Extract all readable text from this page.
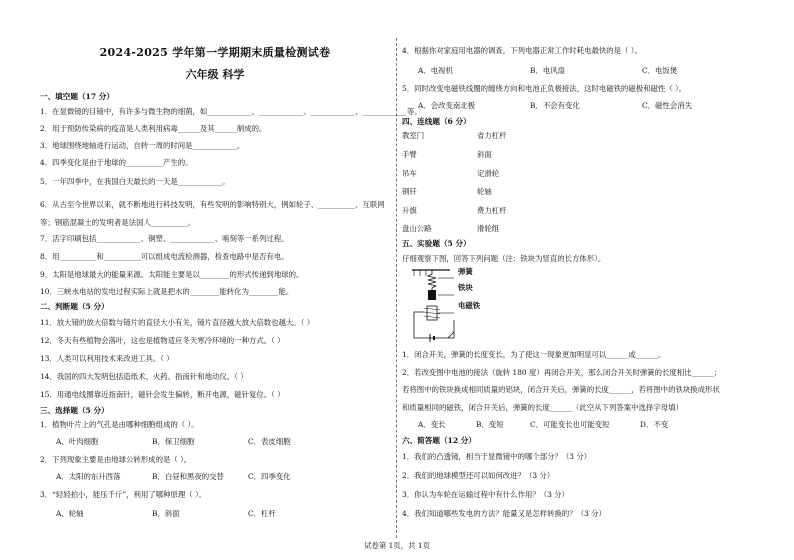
2024-2025 学年第一学期期末质量检测试卷
六年级 科学
一、填空题（17 分）
1．在显微镜的目镜中，有许多与微生物的细菌，如____________、____________、____________、____________等。
2．用于预防传染病的疫苗是人类利用病毒______及其______制成的。
3．地球围绕地轴进行运动，自转一周的时间是____________。
4．四季变化是由于地球的__________产生的。
5．一年四季中，在我国白天最长的一天是____________。
6．从古至今世界以来，就不断地进行科技发明，有些发明的影响特别大，例如轮子、__________、互联网等；钢筋混凝土的发明者是法国人__________。
7．活字印刷包括____________、铜塑、____________、啮刻等一系列过程。
8．用__________和__________可以组成电流检测器，检查电路中是否有电。
9．太阳是地球最大的能量来源。太阳能主要是以________的形式传递到地球的。
10．三峡水电站的发电过程实际上就是把水的________能转化为________能。
二、判断题（5 分）
11．放大镜的放大倍数与镜片的直径大小有关，镜片直径越大放大倍数也越大。（ ）
12．冬天有些植物会落叶，这也是植物适应冬天寒冷环境的一种方式。（ ）
13．人类可以利用技术来改进工具。（ ）
14．我国的四大发明包括造纸术、火药、指南针和地动仪。（ ）
15．用通电线圈靠近指南针，磁针会发生偏转，断开电源，磁针复位。（ ）
三、选择题（5 分）
1．植物叶片上的气孔是由哪种细胞组成的（ ）。
A．叶肉细胞	B．保卫细胞	C．表皮细胞
2．下列现象主要是由地球公转形成的是（ ）。
A．太阳的东升西落	B．白昼和黑夜的交替	C．四季变化
3．“轻轻拍小，能压千斤”，利用了哪种原理（ ）。
A．轮轴	B．斜面	C．杠杆
4．根据你对家庭用电器的调查，下列电器正常工作时耗电最快的是（ ）。
A．电视机	B．电风扇	C．电饭煲
5．同时改变电磁铁线圈的缠绕方向和电池正负极接法，这时电磁铁的磁极和磁性（ ）。
A．会改变南北极	B．不会有变化	C．磁性会消失
四、连线题（6 分）
教室门	省力杠杆
手臂	斜面
吊车	定滑轮
钢钎	轮轴
升旗	费力杠杆
盘山公路	滑轮组
五、实验题（5 分）
仔细观察下图，回答下列问题（注：铁块为竖直的长方体形）。
弹簧
铁块
电磁铁
1．闭合开关，弹簧的长度变长，为了使这一现象更加明显可以______或______。
2．若改变图中电池的接法（旋转 180 度）再闭合开关，那么闭合开关时弹簧的长度相比______；
若将图中的铁块换成相同质量的铝块，闭合开关后，弹簧的长度______，若将图中的铁块换成形状
和质量相同的磁铁，闭合开关后，弹簧的长度______（此空从下列答案中选择字母填）
A．变长	B．变短	C．可能变长也可能变短	D．不变
六、简答题（12 分）
1．我们的凸透镜，相当于显微镜中的哪个部分？（3 分）
2．我们的地球模型还可以如何改进？（3 分）
3．你认为车轮在运输过程中有什么作用？（3 分）
4．我们知道哪些发电的方法？能量又是怎样转换的？（3 分）
试卷第 1页，共 1页
